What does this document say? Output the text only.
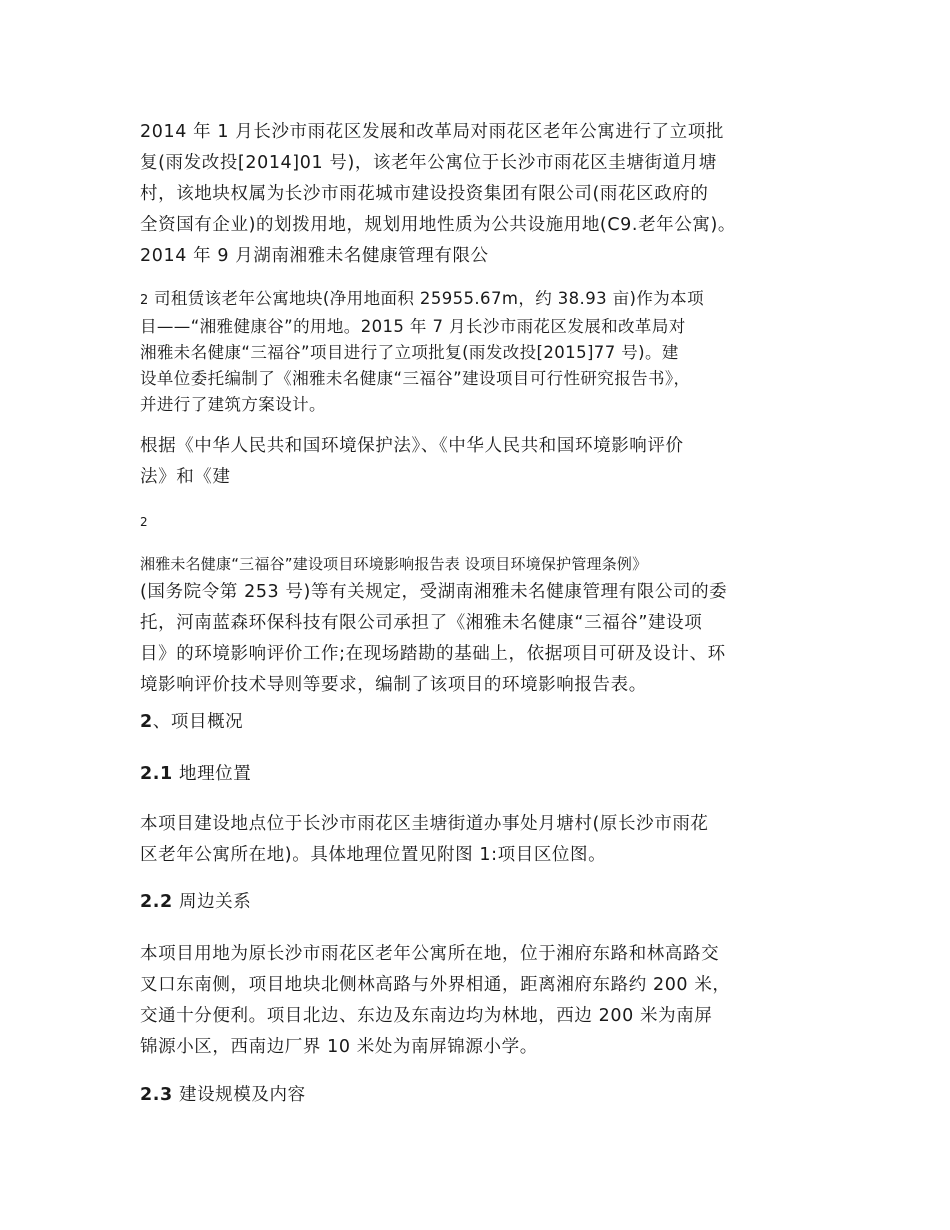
2014 年 1 月长沙市雨花区发展和改革局对雨花区老年公寓进行了立项批
复(雨发改投[2014]01 号)，该老年公寓位于长沙市雨花区圭塘街道月塘
村，该地块权属为长沙市雨花城市建设投资集团有限公司(雨花区政府的
全资国有企业)的划拨用地，规划用地性质为公共设施用地(C9.老年公寓)。
2014 年 9 月湖南湘雅未名健康管理有限公
2 司租赁该老年公寓地块(净用地面积 25955.67m，约 38.93 亩)作为本项
目——“湘雅健康谷”的用地。2015 年 7 月长沙市雨花区发展和改革局对
湘雅未名健康“三福谷”项目进行了立项批复(雨发改投[2015]77 号)。建
设单位委托编制了《湘雅未名健康“三福谷”建设项目可行性研究报告书》，
并进行了建筑方案设计。
根据《中华人民共和国环境保护法》、《中华人民共和国环境影响评价
法》和《建
2
湘雅未名健康“三福谷”建设项目环境影响报告表 设项目环境保护管理条例》
(国务院令第 253 号)等有关规定，受湖南湘雅未名健康管理有限公司的委
托，河南蓝森环保科技有限公司承担了《湘雅未名健康“三福谷”建设项
目》的环境影响评价工作;在现场踏勘的基础上，依据项目可研及设计、环
境影响评价技术导则等要求，编制了该项目的环境影响报告表。
2、项目概况
2.1 地理位置
本项目建设地点位于长沙市雨花区圭塘街道办事处月塘村(原长沙市雨花
区老年公寓所在地)。具体地理位置见附图 1:项目区位图。
2.2 周边关系
本项目用地为原长沙市雨花区老年公寓所在地，位于湘府东路和林高路交
叉口东南侧，项目地块北侧林高路与外界相通，距离湘府东路约 200 米，
交通十分便利。项目北边、东边及东南边均为林地，西边 200 米为南屏
锦源小区，西南边厂界 10 米处为南屏锦源小学。
2.3 建设规模及内容
